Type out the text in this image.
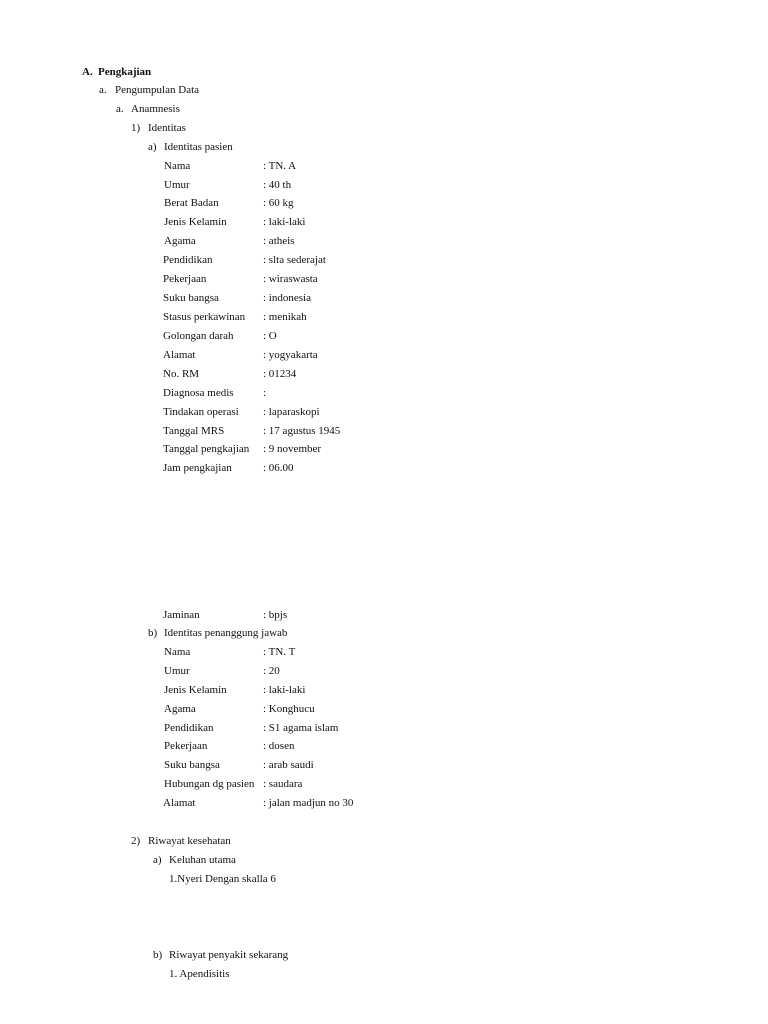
A. Pengkajian
a. Pengumpulan Data
a. Anamnesis
1) Identitas
a) Identitas pasien
Nama	: TN. A
Umur	: 40 th
Berat Badan	: 60 kg
Jenis Kelamin	: laki-laki
Agama	: atheis
Pendidikan	: slta sederajat
Pekerjaan	: wiraswasta
Suku bangsa	: indonesia
Stasus perkawinan : menikah
Golongan darah	: O
Alamat	: yogyakarta
No. RM	: 01234
Diagnosa medis	:
Tindakan operasi : laparaskopi
Tanggal MRS	: 17 agustus 1945
Tanggal pengkajian : 9 november
Jam pengkajian	: 06.00
Jaminan	: bpjs
b) Identitas penanggung jawab
Nama	: TN. T
Umur	: 20
Jenis Kelamin	: laki-laki
Agama	: Konghucu
Pendidikan	: S1 agama islam
Pekerjaan	: dosen
Suku bangsa	: arab saudi
Hubungan dg pasien : saudara
Alamat	: jalan madjun no 30
2) Riwayat kesehatan
a) Keluhan utama
1.Nyeri Dengan skalla 6
b) Riwayat penyakit sekarang
1. Apendisitis
